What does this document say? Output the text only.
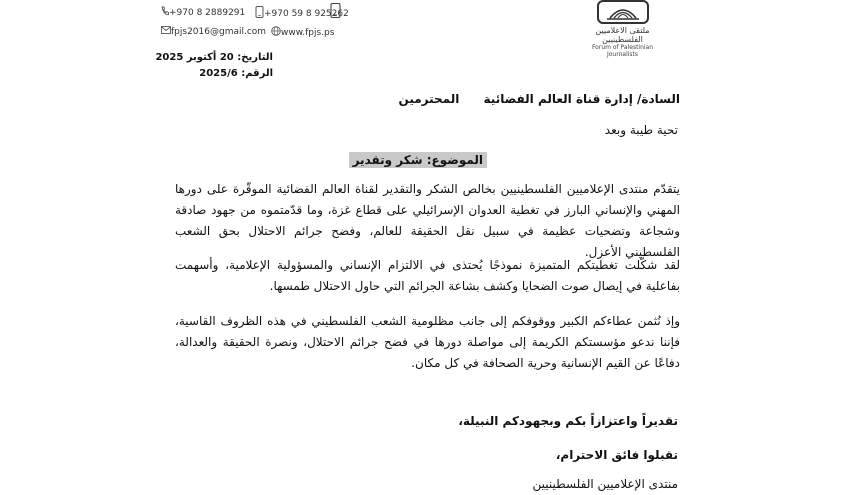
+970 8 2889291	+970 59 8 925262
fpjs2016@gmail.com	www.fpjs.ps	ملتقى الاعلاميين الفلسطينيين
Forum of Palestinian Journalists
التاريخ: 20 أكتوبر 2025
الرقم: 2025/6
السادة/ إدارة قناة العالم الفضائية المحترمين
تحية طيبة وبعد
الموضوع: شكر وتقدير
يتقدّم منتدى الإعلاميين الفلسطينيين بخالص الشكر والتقدير لقناة العالم الفضائية الموقّرة على دورها المهني والإنساني البارز في تغطية العدوان الإسرائيلي على قطاع غزة، وما قدّمتموه من جهود صادقة وشجاعة وتضحيات عظيمة في سبيل نقل الحقيقة للعالم، وفضح جرائم الاحتلال بحق الشعب الفلسطيني الأعزل.
لقد شكّلت تغطيتكم المتميزة نموذجًا يُحتذى في الالتزام الإنساني والمسؤولية الإعلامية، وأسهمت بفاعلية في إيصال صوت الضحايا وكشف بشاعة الجرائم التي حاول الاحتلال طمسها.
وإذ نُثمن عطاءكم الكبير ووقوفكم إلى جانب مظلومية الشعب الفلسطيني في هذه الظروف القاسية، فإننا ندعو مؤسستكم الكريمة إلى مواصلة دورها في فضح جرائم الاحتلال، ونصرة الحقيقة والعدالة، دفاعًا عن القيم الإنسانية وحرية الصحافة في كل مكان.
تقديراً واعتزازاً بكم وبجهودكم النبيلة،
تقبلوا فائق الاحترام،
منتدى الإعلاميين الفلسطينيين
